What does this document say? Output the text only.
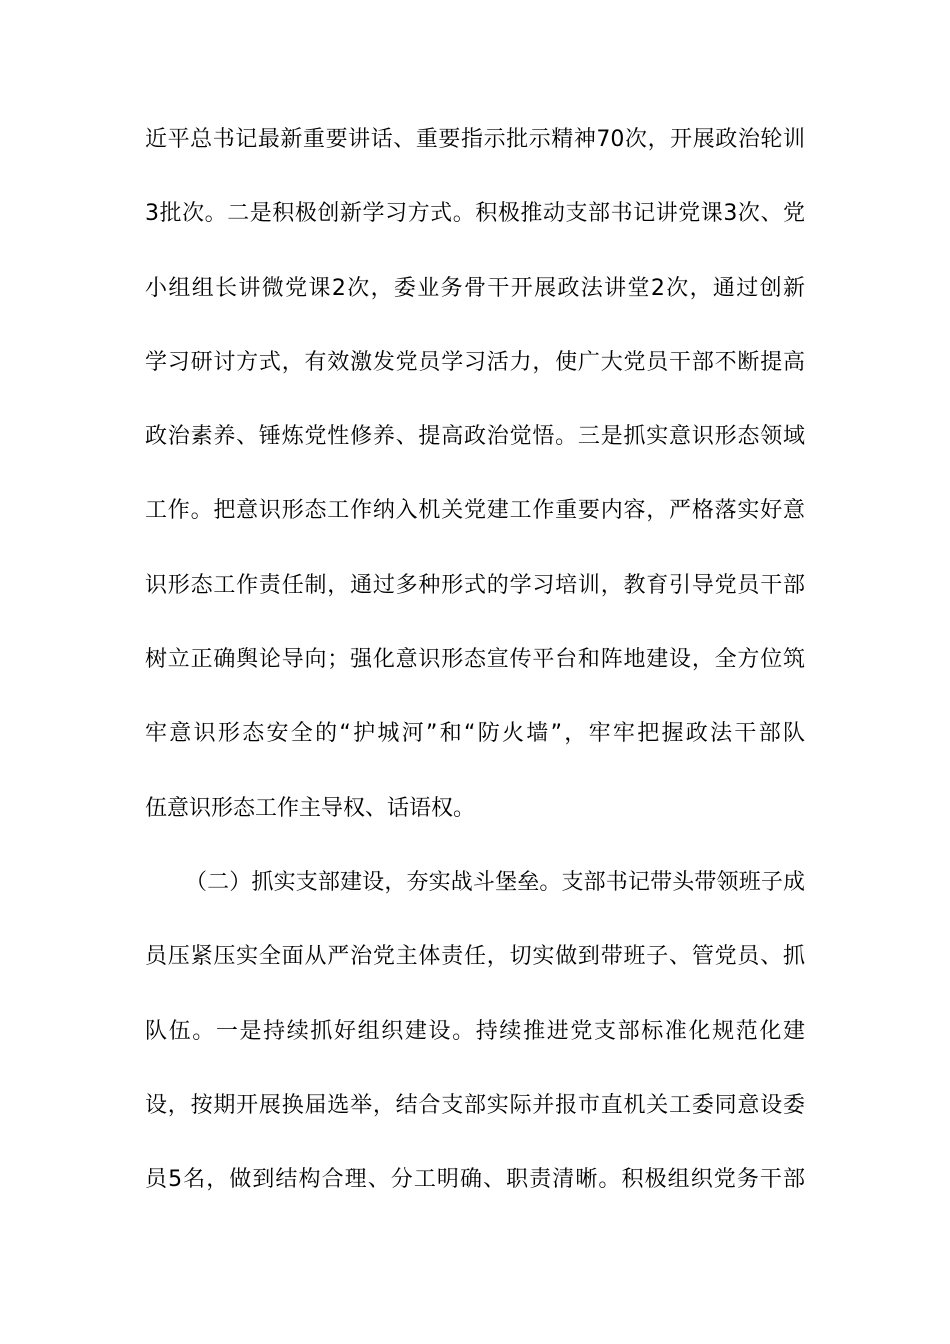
近平总书记最新重要讲话、重要指示批示精神70次，开展政治轮训
3批次。二是积极创新学习方式。积极推动支部书记讲党课3次、党
小组组长讲微党课2次，委业务骨干开展政法讲堂2次，通过创新
学习研讨方式，有效激发党员学习活力，使广大党员干部不断提高
政治素养、锤炼党性修养、提高政治觉悟。三是抓实意识形态领域
工作。把意识形态工作纳入机关党建工作重要内容，严格落实好意
识形态工作责任制，通过多种形式的学习培训，教育引导党员干部
树立正确舆论导向；强化意识形态宣传平台和阵地建设，全方位筑
牢意识形态安全的“护城河”和“防火墙”，牢牢把握政法干部队
伍意识形态工作主导权、话语权。
（二）抓实支部建设，夯实战斗堡垒。支部书记带头带领班子成
员压紧压实全面从严治党主体责任，切实做到带班子、管党员、抓
队伍。一是持续抓好组织建设。持续推进党支部标准化规范化建
设，按期开展换届选举，结合支部实际并报市直机关工委同意设委
员5名，做到结构合理、分工明确、职责清晰。积极组织党务干部
